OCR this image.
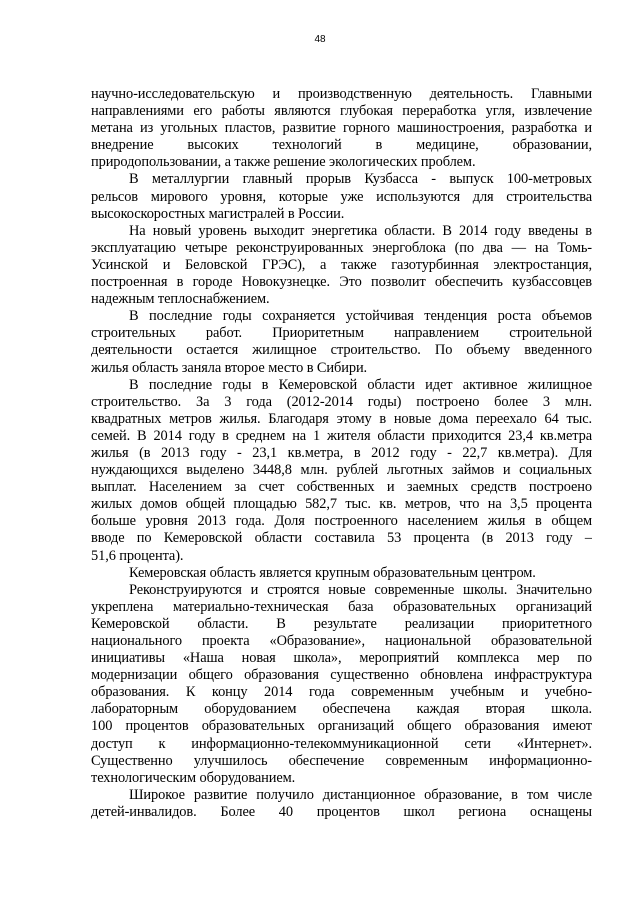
48
научно-исследовательскую и производственную деятельность. Главными
направлениями его работы являются глубокая переработка угля, извлечение
метана из угольных пластов, развитие горного машиностроения, разработка и
внедрение высоких технологий в медицине, образовании,
природопользовании, а также решение экологических проблем.
В металлургии главный прорыв Кузбасса - выпуск 100-метровых
рельсов мирового уровня, которые уже используются для строительства
высокоскоростных магистралей в России.
На новый уровень выходит энергетика области. В 2014 году введены в
эксплуатацию четыре реконструированных энергоблока (по два — на Томь-
Усинской и Беловской ГРЭС), а также газотурбинная электростанция,
построенная в городе Новокузнецке. Это позволит обеспечить кузбассовцев
надежным теплоснабжением.
В последние годы сохраняется устойчивая тенденция роста объемов
строительных работ. Приоритетным направлением строительной
деятельности остается жилищное строительство. По объему введенного
жилья область заняла второе место в Сибири.
В последние годы в Кемеровской области идет активное жилищное
строительство. За 3 года (2012-2014 годы) построено более 3 млн.
квадратных метров жилья. Благодаря этому в новые дома переехало 64 тыс.
семей. В 2014 году в среднем на 1 жителя области приходится 23,4 кв.метра
жилья (в 2013 году - 23,1 кв.метра, в 2012 году - 22,7 кв.метра). Для
нуждающихся выделено 3448,8 млн. рублей льготных займов и социальных
выплат. Населением за счет собственных и заемных средств построено
жилых домов общей площадью 582,7 тыс. кв. метров, что на 3,5 процента
больше уровня 2013 года. Доля построенного населением жилья в общем
вводе по Кемеровской области составила 53 процента (в 2013 году –
51,6 процента).
Кемеровская область является крупным образовательным центром.
Реконструируются и строятся новые современные школы. Значительно
укреплена материально-техническая база образовательных организаций
Кемеровской области. В результате реализации приоритетного
национального проекта «Образование», национальной образовательной
инициативы «Наша новая школа», мероприятий комплекса мер по
модернизации общего образования существенно обновлена инфраструктура
образования. К концу 2014 года современным учебным и учебно-
лабораторным оборудованием обеспечена каждая вторая школа.
100 процентов образовательных организаций общего образования имеют
доступ к информационно-телекоммуникационной сети «Интернет».
Существенно улучшилось обеспечение современным информационно-
технологическим оборудованием.
Широкое развитие получило дистанционное образование, в том числе
детей-инвалидов. Более 40 процентов школ региона оснащены
